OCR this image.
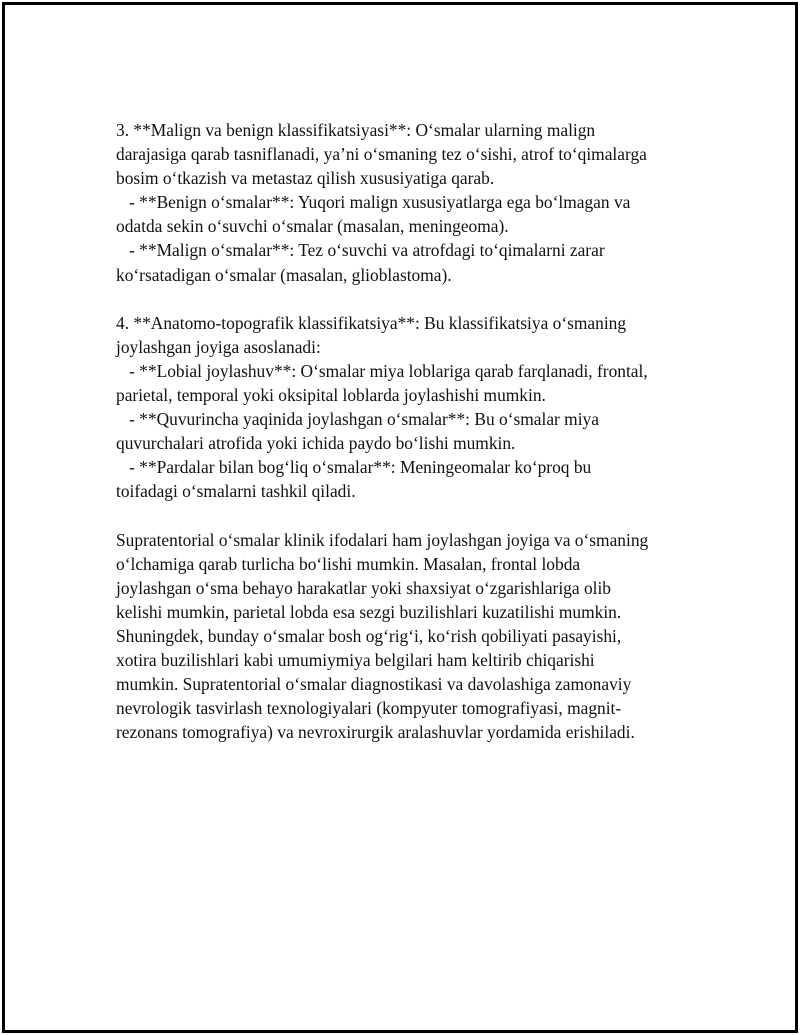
3. **Malign va benign klassifikatsiyasi**: O‘smalar ularning malign
darajasiga qarab tasniflanadi, ya’ni o‘smaning tez o‘sishi, atrof to‘qimalarga
bosim o‘tkazish va metastaz qilish xususiyatiga qarab.
- **Benign o‘smalar**: Yuqori malign xususiyatlarga ega bo‘lmagan va
odatda sekin o‘suvchi o‘smalar (masalan, meningeoma).
- **Malign o‘smalar**: Tez o‘suvchi va atrofdagi to‘qimalarni zarar
ko‘rsatadigan o‘smalar (masalan, glioblastoma).
4. **Anatomo-topografik klassifikatsiya**: Bu klassifikatsiya o‘smaning
joylashgan joyiga asoslanadi:
- **Lobial joylashuv**: O‘smalar miya loblariga qarab farqlanadi, frontal,
parietal, temporal yoki oksipital loblarda joylashishi mumkin.
- **Quvurincha yaqinida joylashgan o‘smalar**: Bu o‘smalar miya
quvurchalari atrofida yoki ichida paydo bo‘lishi mumkin.
- **Pardalar bilan bog‘liq o‘smalar**: Meningeomalar ko‘proq bu
toifadagi o‘smalarni tashkil qiladi.
Supratentorial o‘smalar klinik ifodalari ham joylashgan joyiga va o‘smaning
o‘lchamiga qarab turlicha bo‘lishi mumkin. Masalan, frontal lobda
joylashgan o‘sma behayo harakatlar yoki shaxsiyat o‘zgarishlariga olib
kelishi mumkin, parietal lobda esa sezgi buzilishlari kuzatilishi mumkin.
Shuningdek, bunday o‘smalar bosh og‘rig‘i, ko‘rish qobiliyati pasayishi,
xotira buzilishlari kabi umumiymiya belgilari ham keltirib chiqarishi
mumkin. Supratentorial o‘smalar diagnostikasi va davolashiga zamonaviy
nevrologik tasvirlash texnologiyalari (kompyuter tomografiyasi, magnit-
rezonans tomografiya) va nevroxirurgik aralashuvlar yordamida erishiladi.
